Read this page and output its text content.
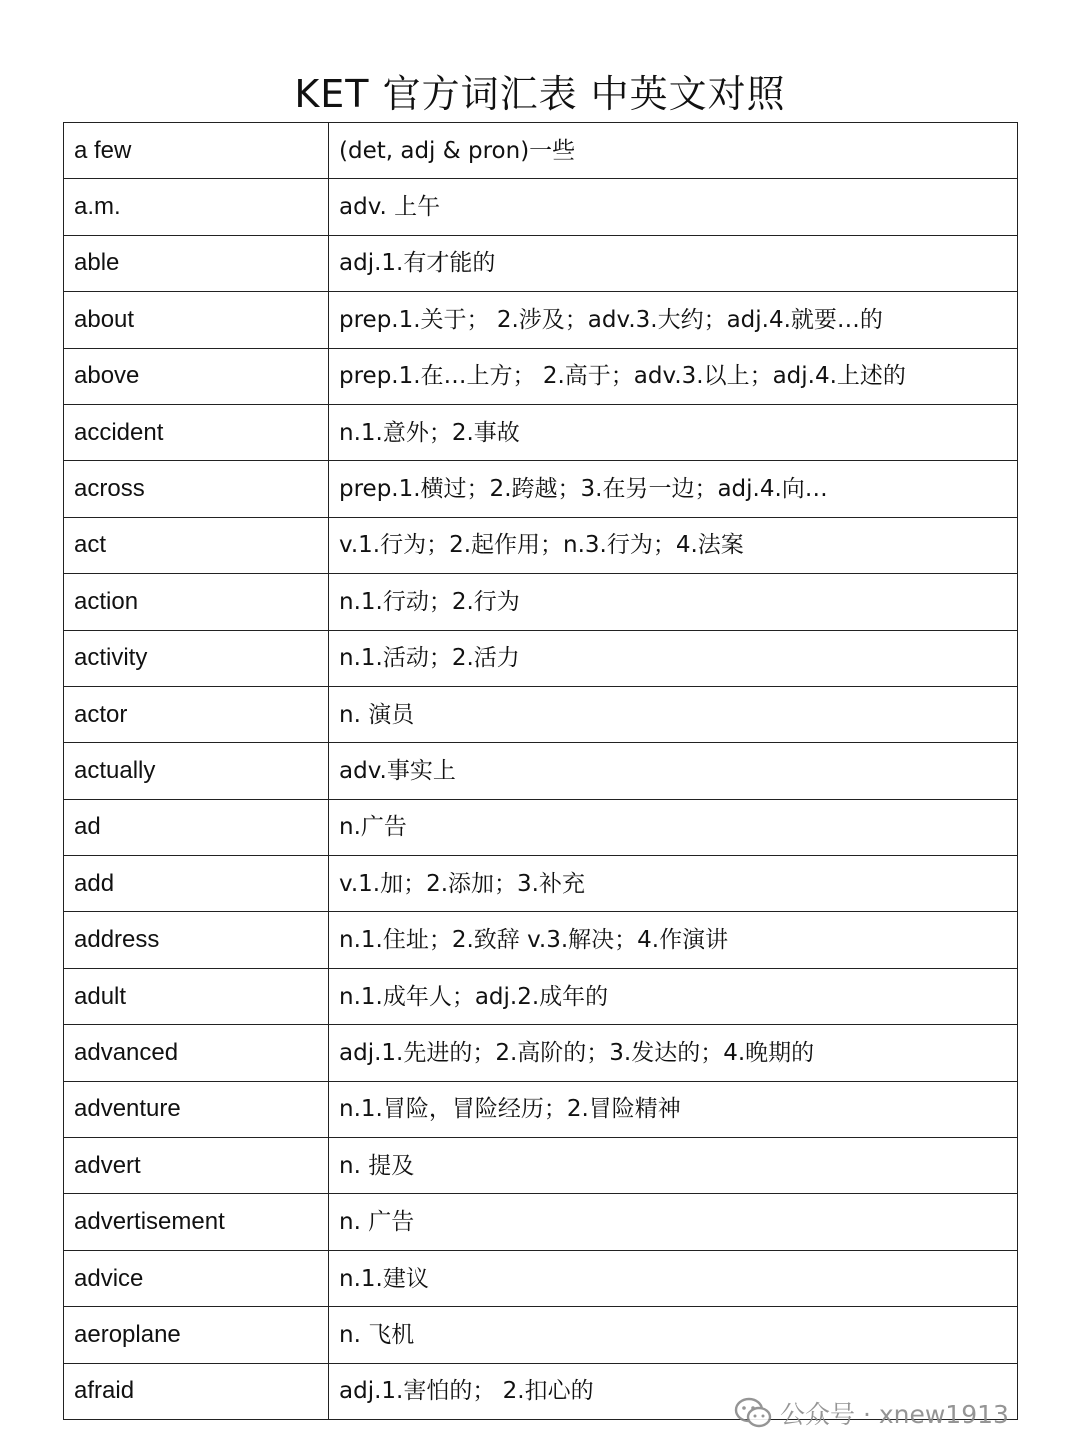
KET 官方词汇表 中英文对照
a few	(det, adj & pron)一些
a.m.	adv. 上午
able	adj.1.有才能的
about	prep.1.关于； 2.涉及；adv.3.大约；adj.4.就要…的
above	prep.1.在…上方； 2.高于；adv.3.以上；adj.4.上述的
accident	n.1.意外；2.事故
across	prep.1.横过；2.跨越；3.在另一边；adj.4.向…
act	v.1.行为；2.起作用；n.3.行为；4.法案
action	n.1.行动；2.行为
activity	n.1.活动；2.活力
actor	n. 演员
actually	adv.事实上
ad	n.广告
add	v.1.加；2.添加；3.补充
address	n.1.住址；2.致辞 v.3.解决；4.作演讲
adult	n.1.成年人；adj.2.成年的
advanced	adj.1.先进的；2.高阶的；3.发达的；4.晚期的
adventure	n.1.冒险，冒险经历；2.冒险精神
advert	n. 提及
advertisement	n. 广告
advice	n.1.建议
aeroplane	n. 飞机
afraid	adj.1.害怕的； 2.扣心的
公众号 · xnew1913
